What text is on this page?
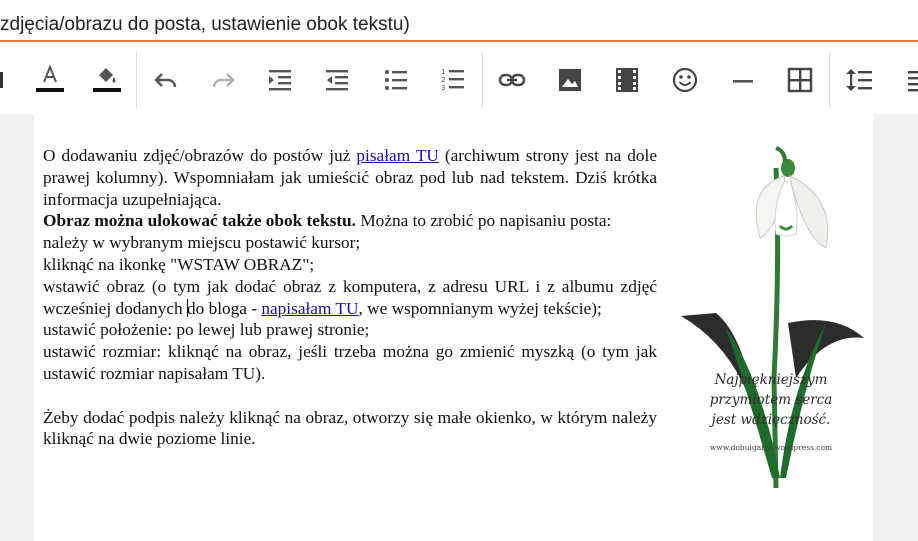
zdjęcia/obrazu do posta, ustawienie obok tekstu)
1
2
3

O dodawaniu zdjęć/obrazów do postów już pisałam TU (archiwum strony jest na dole prawej kolumny). Wspomniałam jak umieścić obraz pod lub nad tekstem. Dziś krótka informacja uzupełniająca.

Obraz można ulokować także obok tekstu. Można to zrobić po napisaniu posta:

należy w wybranym miejscu postawić kursor;

kliknąć na ikonkę "WSTAW OBRAZ";

wstawić obraz (o tym jak dodać obraz z komputera, z adresu URL i z albumu zdjęć wcześniej dodanych do bloga - napisałam TU, we wspomnianym wyżej tekście);

ustawić położenie: po lewej lub prawej stronie;

ustawić rozmiar: kliknąć na obraz, jeśli trzeba można go zmienić myszką (o tym jak ustawić rozmiar napisałam TU).

Żeby dodać podpis należy kliknąć na obraz, otworzy się małe okienko, w którym należy kliknąć na dwie poziome linie.

Najpiękniejszym
przymiotem serca
jest wdzięczność.
www.dobulgaria.wordpress.com
